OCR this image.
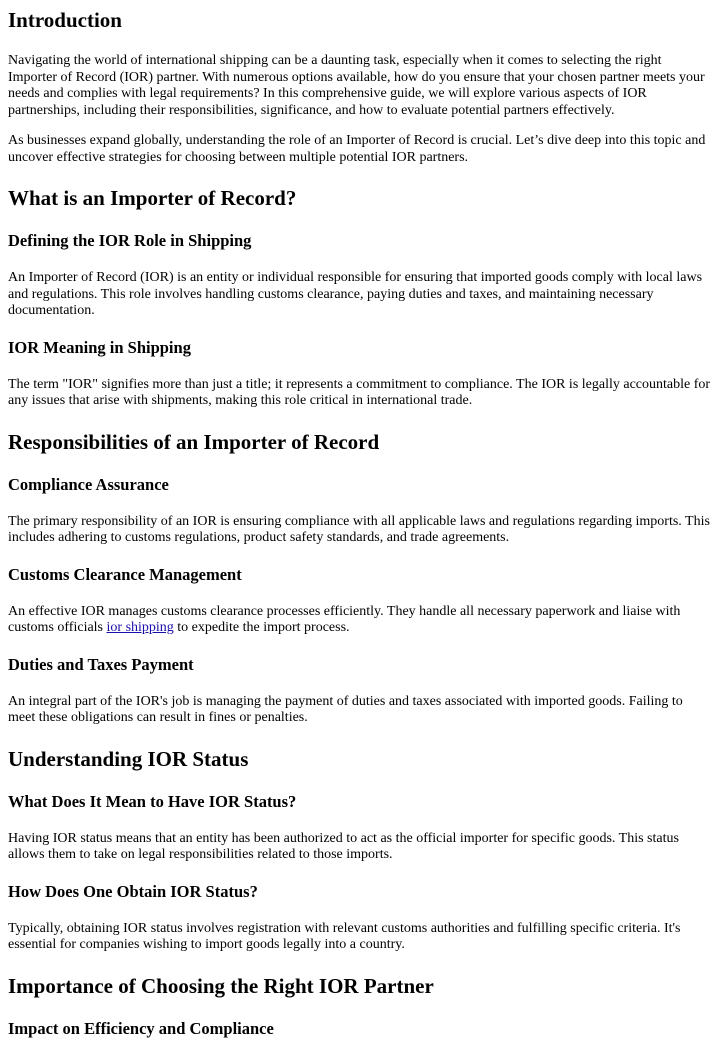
Introduction

Navigating the world of international shipping can be a daunting task, especially when it comes to selecting the right Importer of Record (IOR) partner. With numerous options available, how do you ensure that your chosen partner meets your needs and complies with legal requirements? In this comprehensive guide, we will explore various aspects of IOR partnerships, including their responsibilities, significance, and how to evaluate potential partners effectively.

As businesses expand globally, understanding the role of an Importer of Record is crucial. Let’s dive deep into this topic and uncover effective strategies for choosing between multiple potential IOR partners.

What is an Importer of Record?
Defining the IOR Role in Shipping

An Importer of Record (IOR) is an entity or individual responsible for ensuring that imported goods comply with local laws and regulations. This role involves handling customs clearance, paying duties and taxes, and maintaining necessary documentation.

IOR Meaning in Shipping

The term "IOR" signifies more than just a title; it represents a commitment to compliance. The IOR is legally accountable for any issues that arise with shipments, making this role critical in international trade.

Responsibilities of an Importer of Record
Compliance Assurance

The primary responsibility of an IOR is ensuring compliance with all applicable laws and regulations regarding imports. This includes adhering to customs regulations, product safety standards, and trade agreements.

Customs Clearance Management

An effective IOR manages customs clearance processes efficiently. They handle all necessary paperwork and liaise with customs officials ior shipping to expedite the import process.

Duties and Taxes Payment

An integral part of the IOR's job is managing the payment of duties and taxes associated with imported goods. Failing to meet these obligations can result in fines or penalties.

Understanding IOR Status
What Does It Mean to Have IOR Status?

Having IOR status means that an entity has been authorized to act as the official importer for specific goods. This status allows them to take on legal responsibilities related to those imports.

How Does One Obtain IOR Status?

Typically, obtaining IOR status involves registration with relevant customs authorities and fulfilling specific criteria. It's essential for companies wishing to import goods legally into a country.

Importance of Choosing the Right IOR Partner
Impact on Efficiency and Compliance
